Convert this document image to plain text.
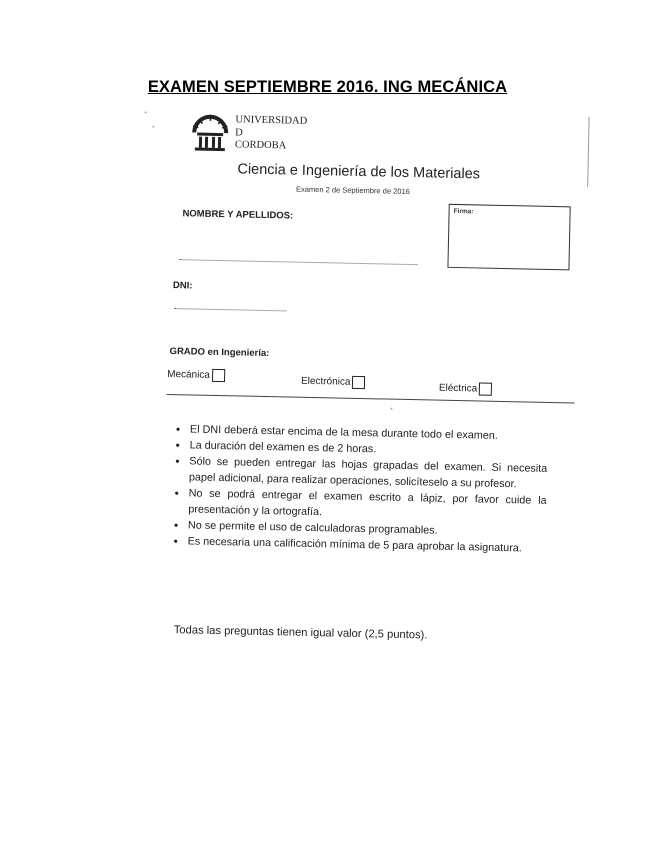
EXAMEN SEPTIEMBRE 2016. ING MECÁNICA
UNIVERSIDAD
D
CORDOBA
Ciencia e Ingeniería de los Materiales
Examen 2 de Septiembre de 2016
NOMBRE Y APELLIDOS:	Firma:
DNI:
GRADO en Ingeniería:
Mecánica
Electrónica
Eléctrica
• El DNI deberá estar encima de la mesa durante todo el examen.
• La duración del examen es de 2 horas.
• Sólo se pueden entregar las hojas grapadas del examen. Si necesita papel adicional, para realizar operaciones, solicíteselo a su profesor.
• No se podrá entregar el examen escrito a lápiz, por favor cuide la presentación y la ortografía.
• No se permite el uso de calculadoras programables.
• Es necesaria una calificación mínima de 5 para aprobar la asignatura.
Todas las preguntas tienen igual valor (2,5 puntos).
